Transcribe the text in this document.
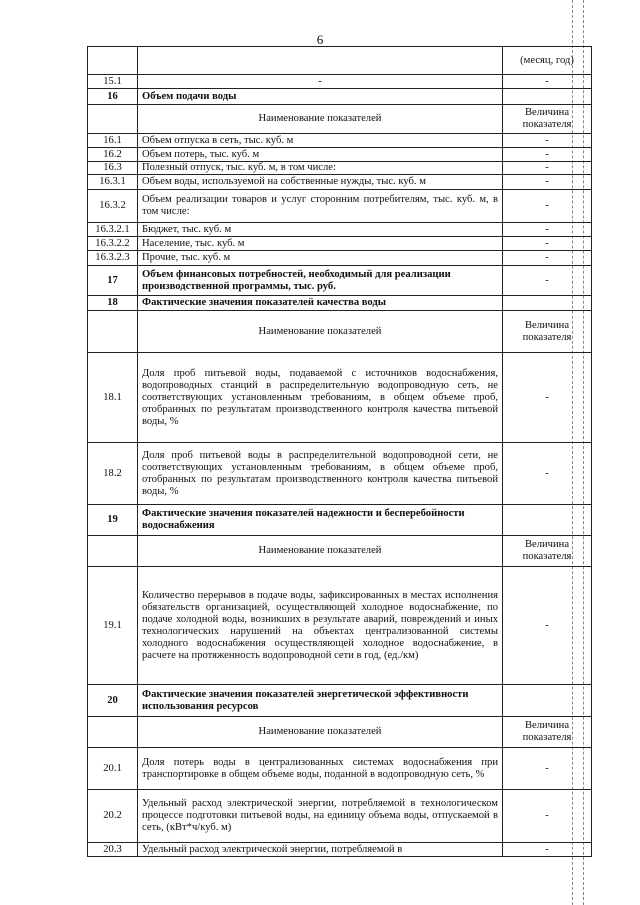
6
		(месяц, год)
15.1	-	-
16	Объем подачи воды	
	Наименование показателей	Величина показателя
16.1	Объем отпуска в сеть, тыс. куб. м	-
16.2	Объем потерь, тыс. куб. м	-
16.3	Полезный отпуск, тыс. куб. м, в том числе:	-
16.3.1	Объем воды, используемой на собственные нужды, тыс. куб. м	-
16.3.2	Объем реализации товаров и услуг сторонним потребителям, тыс. куб. м, в том числе:	-
16.3.2.1	Бюджет, тыс. куб. м	-
16.3.2.2	Население, тыс. куб. м	-
16.3.2.3	Прочие, тыс. куб. м	-
17	Объем финансовых потребностей, необходимый для реализации производственной программы, тыс. руб.	-
18	Фактические значения показателей качества воды	
	Наименование показателей	Величина показателя
18.1	Доля проб питьевой воды, подаваемой с источников водоснабжения, водопроводных станций в распределительную водопроводную сеть, не соответствующих установленным требованиям, в общем объеме проб, отобранных по результатам производственного контроля качества питьевой воды, %	-
18.2	Доля проб питьевой воды в распределительной водопроводной сети, не соответствующих установленным требованиям, в общем объеме проб, отобранных по результатам производственного контроля качества питьевой воды, %	-
19	Фактические значения показателей надежности и бесперебойности водоснабжения	
	Наименование показателей	Величина показателя
19.1	Количество перерывов в подаче воды, зафиксированных в местах исполнения обязательств организацией, осуществляющей холодное водоснабжение, по подаче холодной воды, возникших в результате аварий, повреждений и иных технологических нарушений на объектах централизованной системы холодного водоснабжения осуществляющей холодное водоснабжение, в расчете на протяженность водопроводной сети в год, (ед./км)	-
20	Фактические значения показателей энергетической эффективности использования ресурсов	
	Наименование показателей	Величина показателя
20.1	Доля потерь воды в централизованных системах водоснабжения при транспортировке в общем объеме воды, поданной в водопроводную сеть, %	-
20.2	Удельный расход электрической энергии, потребляемой в технологическом процессе подготовки питьевой воды, на единицу объема воды, отпускаемой в сеть, (кВт*ч/куб. м)	-
20.3	Удельный расход электрической энергии, потребляемой в	-
